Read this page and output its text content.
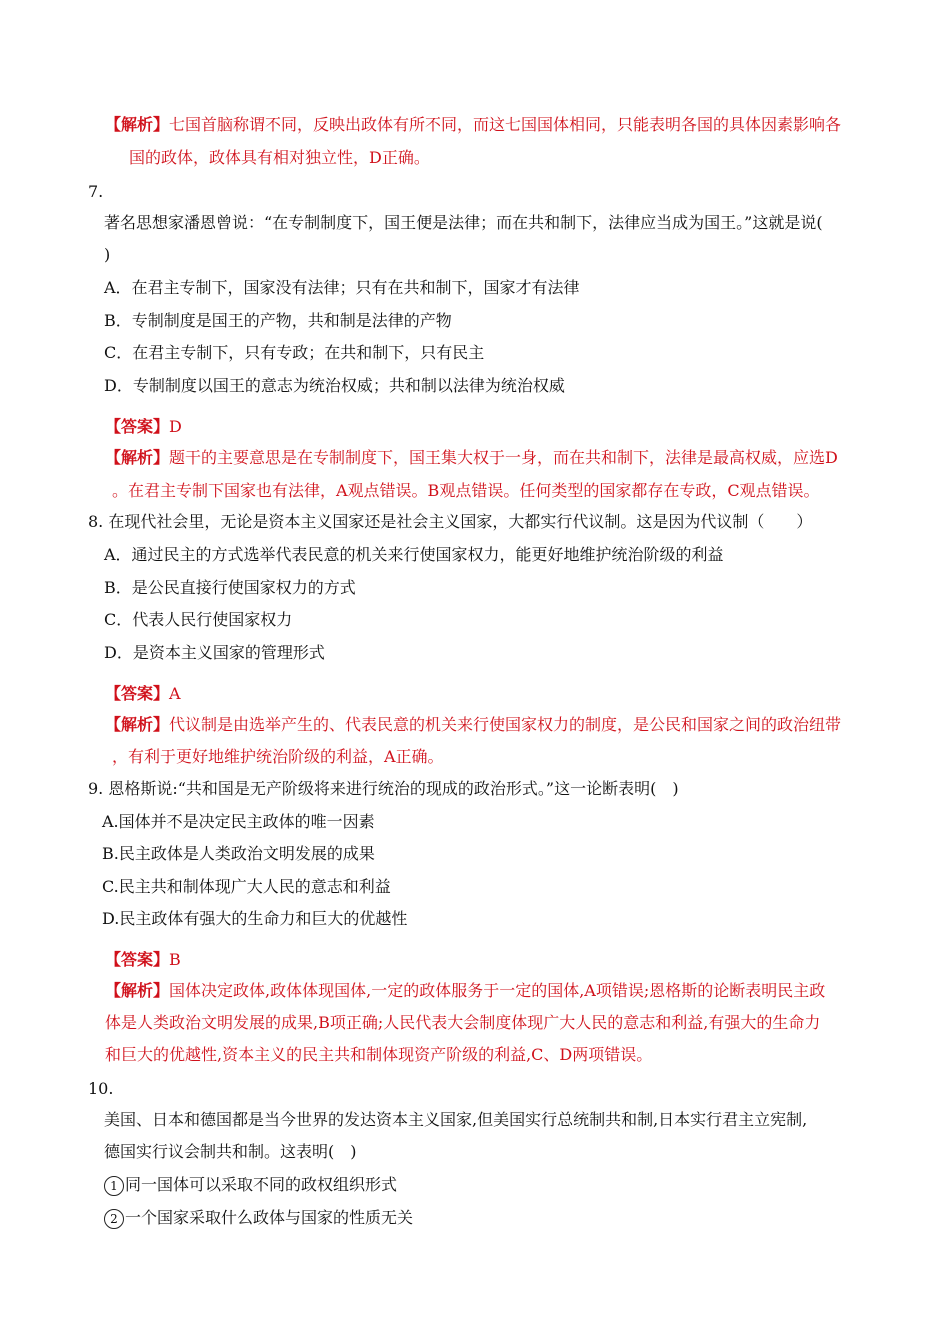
【解析】七国首脑称谓不同，反映出政体有所不同，而这七国国体相同，只能表明各国的具体因素影响各
国的政体，政体具有相对独立性，D正确。
7.
著名思想家潘恩曾说：“在专制制度下，国王便是法律；而在共和制下，法律应当成为国王。”这就是说(
)
A．在君主专制下，国家没有法律；只有在共和制下，国家才有法律
B．专制制度是国王的产物，共和制是法律的产物
C．在君主专制下，只有专政；在共和制下，只有民主
D．专制制度以国王的意志为统治权威；共和制以法律为统治权威
【答案】D
【解析】题干的主要意思是在专制制度下，国王集大权于一身，而在共和制下，法律是最高权威，应选D
。在君主专制下国家也有法律，A观点错误。B观点错误。任何类型的国家都存在专政，C观点错误。
8. 在现代社会里，无论是资本主义国家还是社会主义国家，大都实行代议制。这是因为代议制（　　）
A．通过民主的方式选举代表民意的机关来行使国家权力，能更好地维护统治阶级的利益
B．是公民直接行使国家权力的方式
C．代表人民行使国家权力
D．是资本主义国家的管理形式
【答案】A
【解析】代议制是由选举产生的、代表民意的机关来行使国家权力的制度，是公民和国家之间的政治纽带
，有利于更好地维护统治阶级的利益，A正确。
9. 恩格斯说:“共和国是无产阶级将来进行统治的现成的政治形式。”这一论断表明(　)
A.国体并不是决定民主政体的唯一因素
B.民主政体是人类政治文明发展的成果
C.民主共和制体现广大人民的意志和利益
D.民主政体有强大的生命力和巨大的优越性
【答案】B
【解析】国体决定政体,政体体现国体,一定的政体服务于一定的国体,A项错误;恩格斯的论断表明民主政
体是人类政治文明发展的成果,B项正确;人民代表大会制度体现广大人民的意志和利益,有强大的生命力
和巨大的优越性,资本主义的民主共和制体现资产阶级的利益,C、D两项错误。
10.
美国、日本和德国都是当今世界的发达资本主义国家,但美国实行总统制共和制,日本实行君主立宪制,
德国实行议会制共和制。这表明(　)
1 同一国体可以采取不同的政权组织形式
2 一个国家采取什么政体与国家的性质无关
